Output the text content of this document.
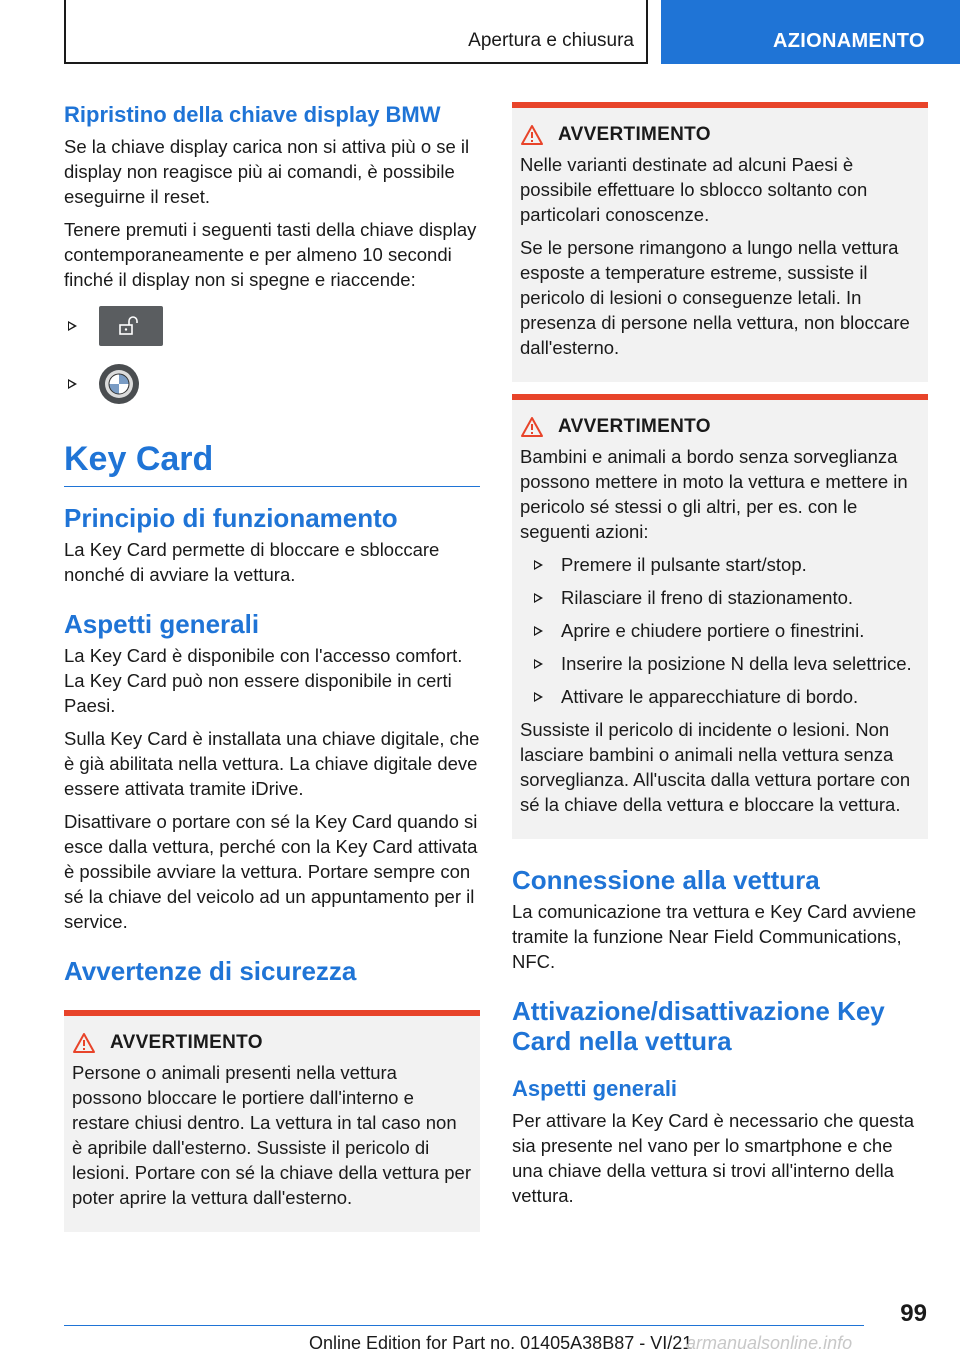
Apertura e chiusura	AZIONAMENTO
Ripristino della chiave display BMW

Se la chiave display carica non si attiva più o se il display non reagisce più ai comandi, è possibile eseguirne il reset.

Tenere premuti i seguenti tasti della chiave display contemporaneamente e per almeno 10 secondi finché il display non si spegne e riaccende:

Key Card
Principio di funzionamento

La Key Card permette di bloccare e sbloccare nonché di avviare la vettura.

Aspetti generali

La Key Card è disponibile con l'accesso comfort. La Key Card può non essere disponibile in certi Paesi.

Sulla Key Card è installata una chiave digitale, che è già abilitata nella vettura. La chiave digitale deve essere attivata tramite iDrive.

Disattivare o portare con sé la Key Card quando si esce dalla vettura, perché con la Key Card attivata è possibile avviare la vettura. Portare sempre con sé la chiave del veicolo ad un appuntamento per il service.

Avvertenze di sicurezza
AVVERTIMENTO

Persone o animali presenti nella vettura possono bloccare le portiere dall'interno e restare chiusi dentro. La vettura in tal caso non è apribile dall'esterno. Sussiste il pericolo di lesioni. Portare con sé la chiave della vettura per poter aprire la vettura dall'esterno.

AVVERTIMENTO

Nelle varianti destinate ad alcuni Paesi è possibile effettuare lo sblocco soltanto con particolari conoscenze.

Se le persone rimangono a lungo nella vettura esposte a temperature estreme, sussiste il pericolo di lesioni o conseguenze letali. In presenza di persone nella vettura, non bloccare dall'esterno.

AVVERTIMENTO

Bambini e animali a bordo senza sorveglianza possono mettere in moto la vettura e mettere in pericolo sé stessi o gli altri, per es. con le seguenti azioni:

Premere il pulsante start/stop.
Rilasciare il freno di stazionamento.
Aprire e chiudere portiere o finestrini.
Inserire la posizione N della leva selettrice.
Attivare le apparecchiature di bordo.

Sussiste il pericolo di incidente o lesioni. Non lasciare bambini o animali nella vettura senza sorveglianza. All'uscita dalla vettura portare con sé la chiave della vettura e bloccare la vettura.

Connessione alla vettura

La comunicazione tra vettura e Key Card avviene tramite la funzione Near Field Communications, NFC.

Attivazione/disattivazione Key Card nella vettura
Aspetti generali

Per attivare la Key Card è necessario che questa sia presente nel vano per lo smartphone e che una chiave della vettura si trovi all'interno della vettura.

99
Online Edition for Part no. 01405A38B87 - VI/21
armanualsonline.info
